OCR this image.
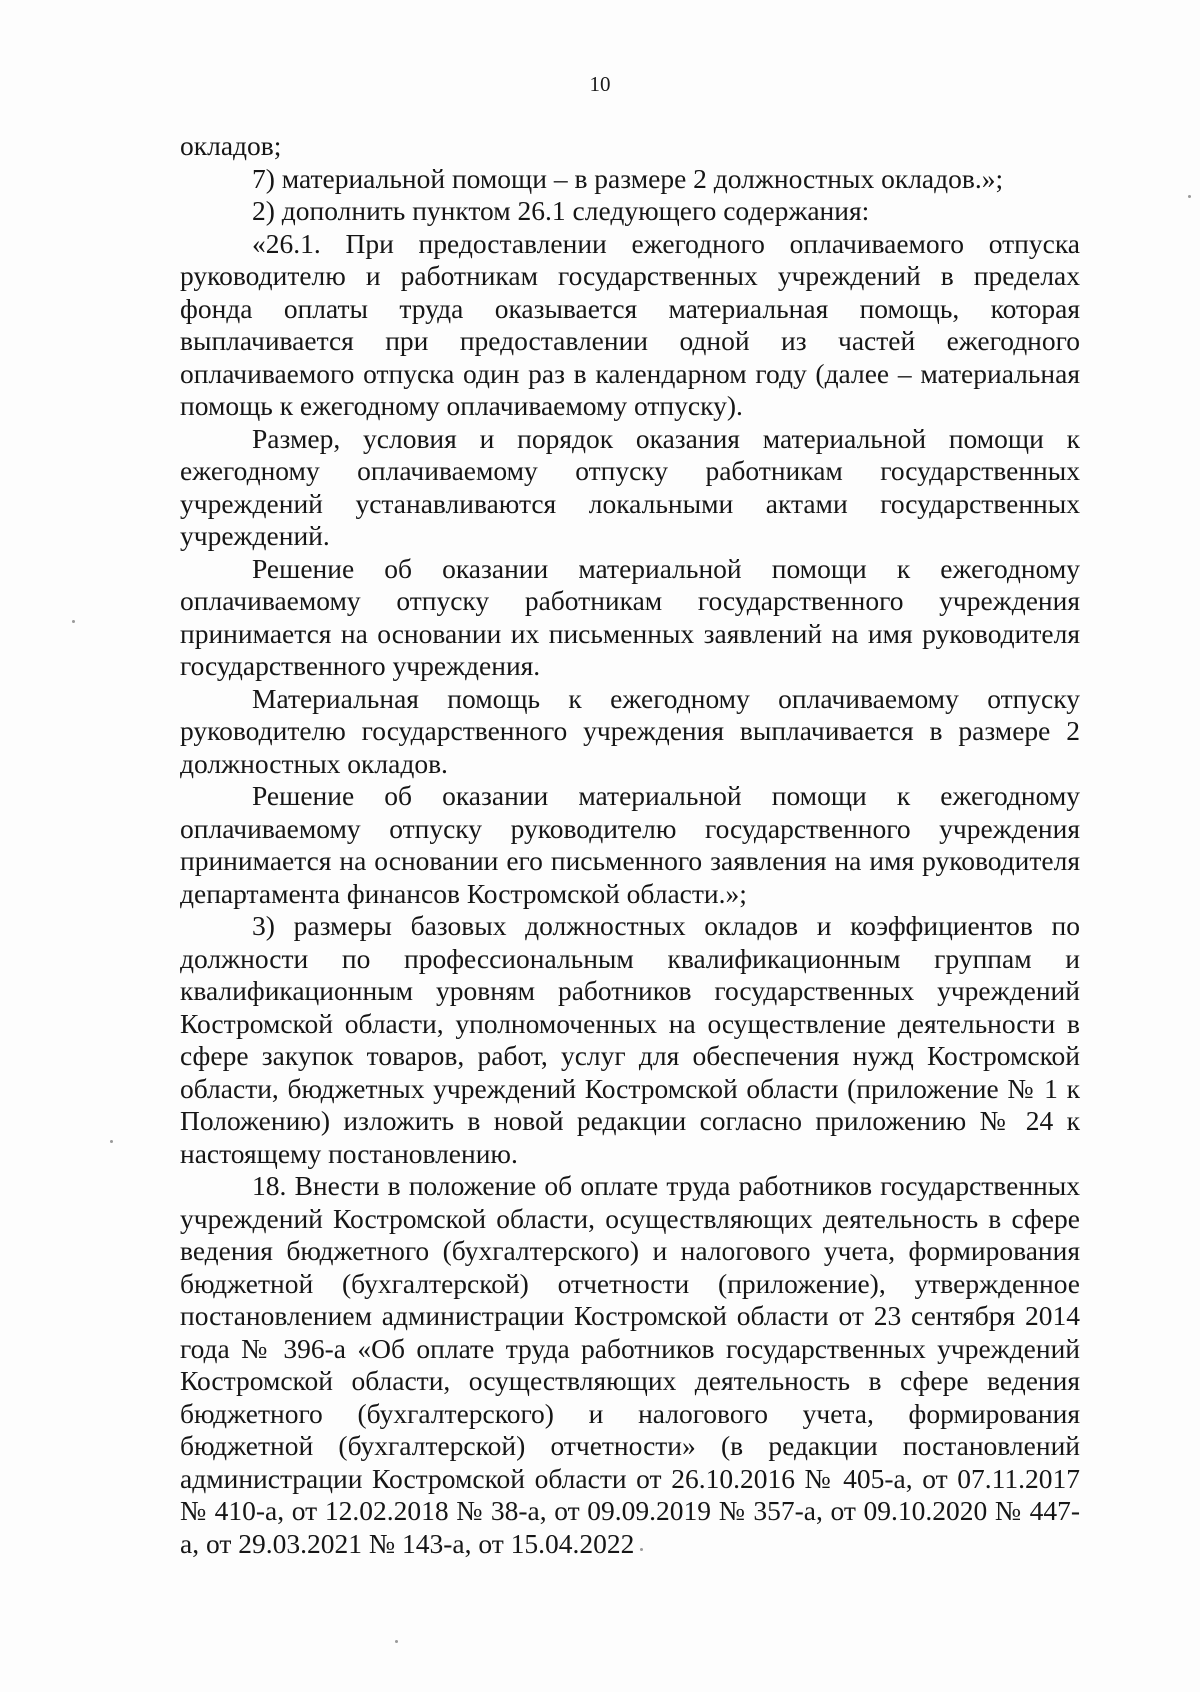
10

окладов;

7) материальной помощи – в размере 2 должностных окладов.»;

2) дополнить пунктом 26.1 следующего содержания:

«26.1. При предоставлении ежегодного оплачиваемого отпуска руководителю и работникам государственных учреждений в пределах фонда оплаты труда оказывается материальная помощь, которая выплачивается при предоставлении одной из частей ежегодного оплачиваемого отпуска один раз в календарном году (далее – материальная помощь к ежегодному оплачиваемому отпуску).

Размер, условия и порядок оказания материальной помощи к ежегодному оплачиваемому отпуску работникам государственных учреждений устанавливаются локальными актами государственных учреждений.

Решение об оказании материальной помощи к ежегодному оплачиваемому отпуску работникам государственного учреждения принимается на основании их письменных заявлений на имя руководителя государственного учреждения.

Материальная помощь к ежегодному оплачиваемому отпуску руководителю государственного учреждения выплачивается в размере 2 должностных окладов.

Решение об оказании материальной помощи к ежегодному оплачиваемому отпуску руководителю государственного учреждения принимается на основании его письменного заявления на имя руководителя департамента финансов Костромской области.»;

3) размеры базовых должностных окладов и коэффициентов по должности по профессиональным квалификационным группам и квалификационным уровням работников государственных учреждений Костромской области, уполномоченных на осуществление деятельности в сфере закупок товаров, работ, услуг для обеспечения нужд Костромской области, бюджетных учреждений Костромской области (приложение № 1 к Положению) изложить в новой редакции согласно приложению № 24 к настоящему постановлению.

18. Внести в положение об оплате труда работников государственных учреждений Костромской области, осуществляющих деятельность в сфере ведения бюджетного (бухгалтерского) и налогового учета, формирования бюджетной (бухгалтерской) отчетности (приложение), утвержденное постановлением администрации Костромской области от 23 сентября 2014 года № 396-а «Об оплате труда работников государственных учреждений Костромской области, осуществляющих деятельность в сфере ведения бюджетного (бухгалтерского) и налогового учета, формирования бюджетной (бухгалтерской) отчетности» (в редакции постановлений администрации Костромской области от 26.10.2016 № 405-а, от 07.11.2017 № 410-а, от 12.02.2018 № 38-а, от 09.09.2019 № 357-а, от 09.10.2020 № 447-а, от 29.03.2021 № 143-а, от 15.04.2022
